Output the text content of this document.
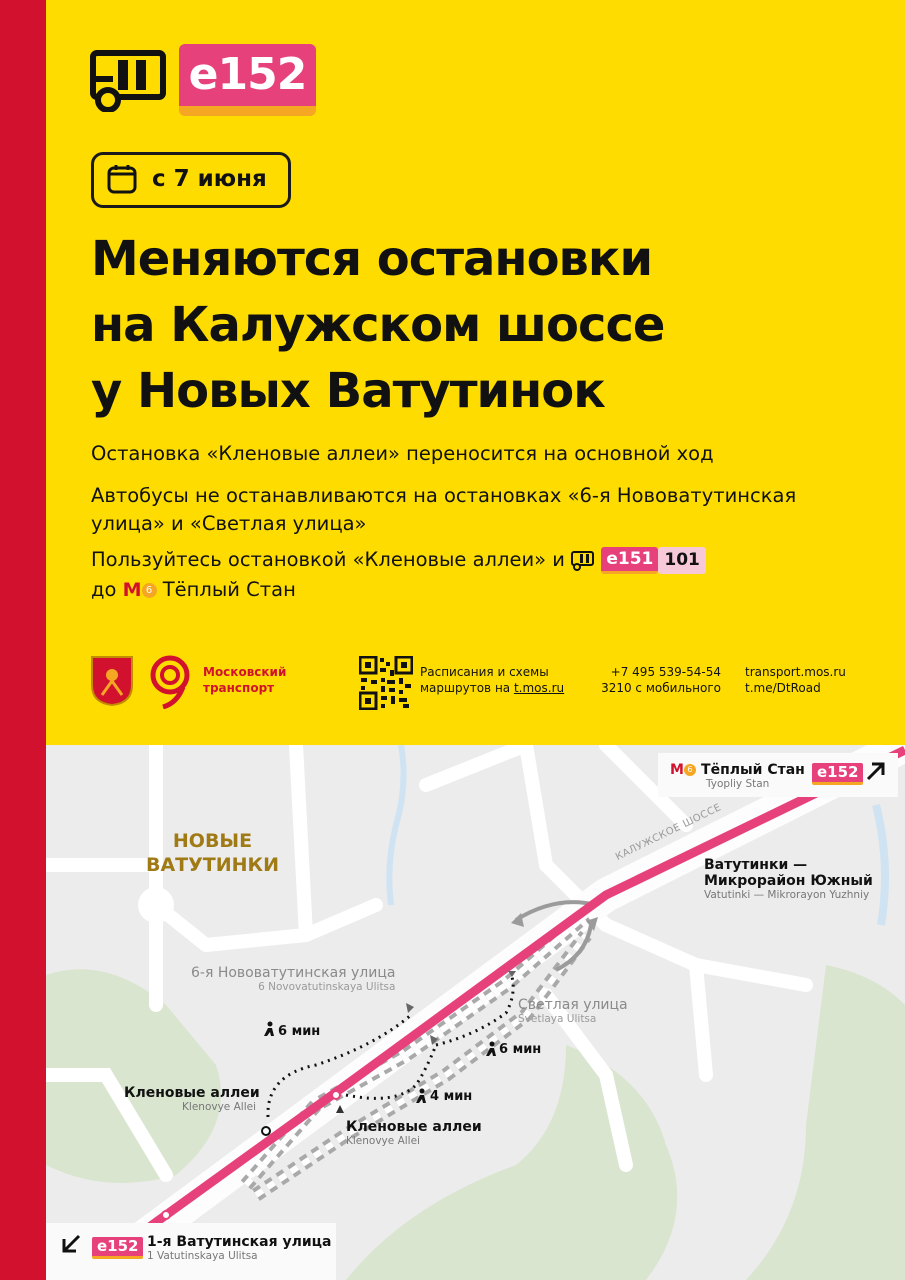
e152
с 7 июня
Меняются остановки
на Калужском шоссе
у Новых Ватутинок
Остановка «Кленовые аллеи» переносится на основной ход
Автобусы не останавливаются на остановках «6-я Нововатутинская
улица» и «Светлая улица»
Пользуйтесь остановкой «Кленовые аллеи» и e151 101
до M 6 Тёплый Стан
Московский
транспорт
Расписания и схемы
маршрутов на t.mos.ru
+7 495 539-54-54
3210 с мобильного
transport.mos.ru
t.me/DtRoad
НОВЫЕ
ВАТУТИНКИ
КАЛУЖСКОЕ ШОССЕ
M 6 Тёплый Стан
Tyopliy Stan
e152
Ватутинки —
Микрорайон Южный
Vatutinki — Mikrorayon Yuzhniy
6-я Нововатутинская улица
6 Novovatutinskaya Ulitsa
Светлая улица
Svetlaya Ulitsa
6 мин
6 мин
4 мин
Кленовые аллеи
Klenovye Allei
Кленовые аллеи
Klenovye Allei
e152 1-я Ватутинская улица
1 Vatutinskaya Ulitsa
